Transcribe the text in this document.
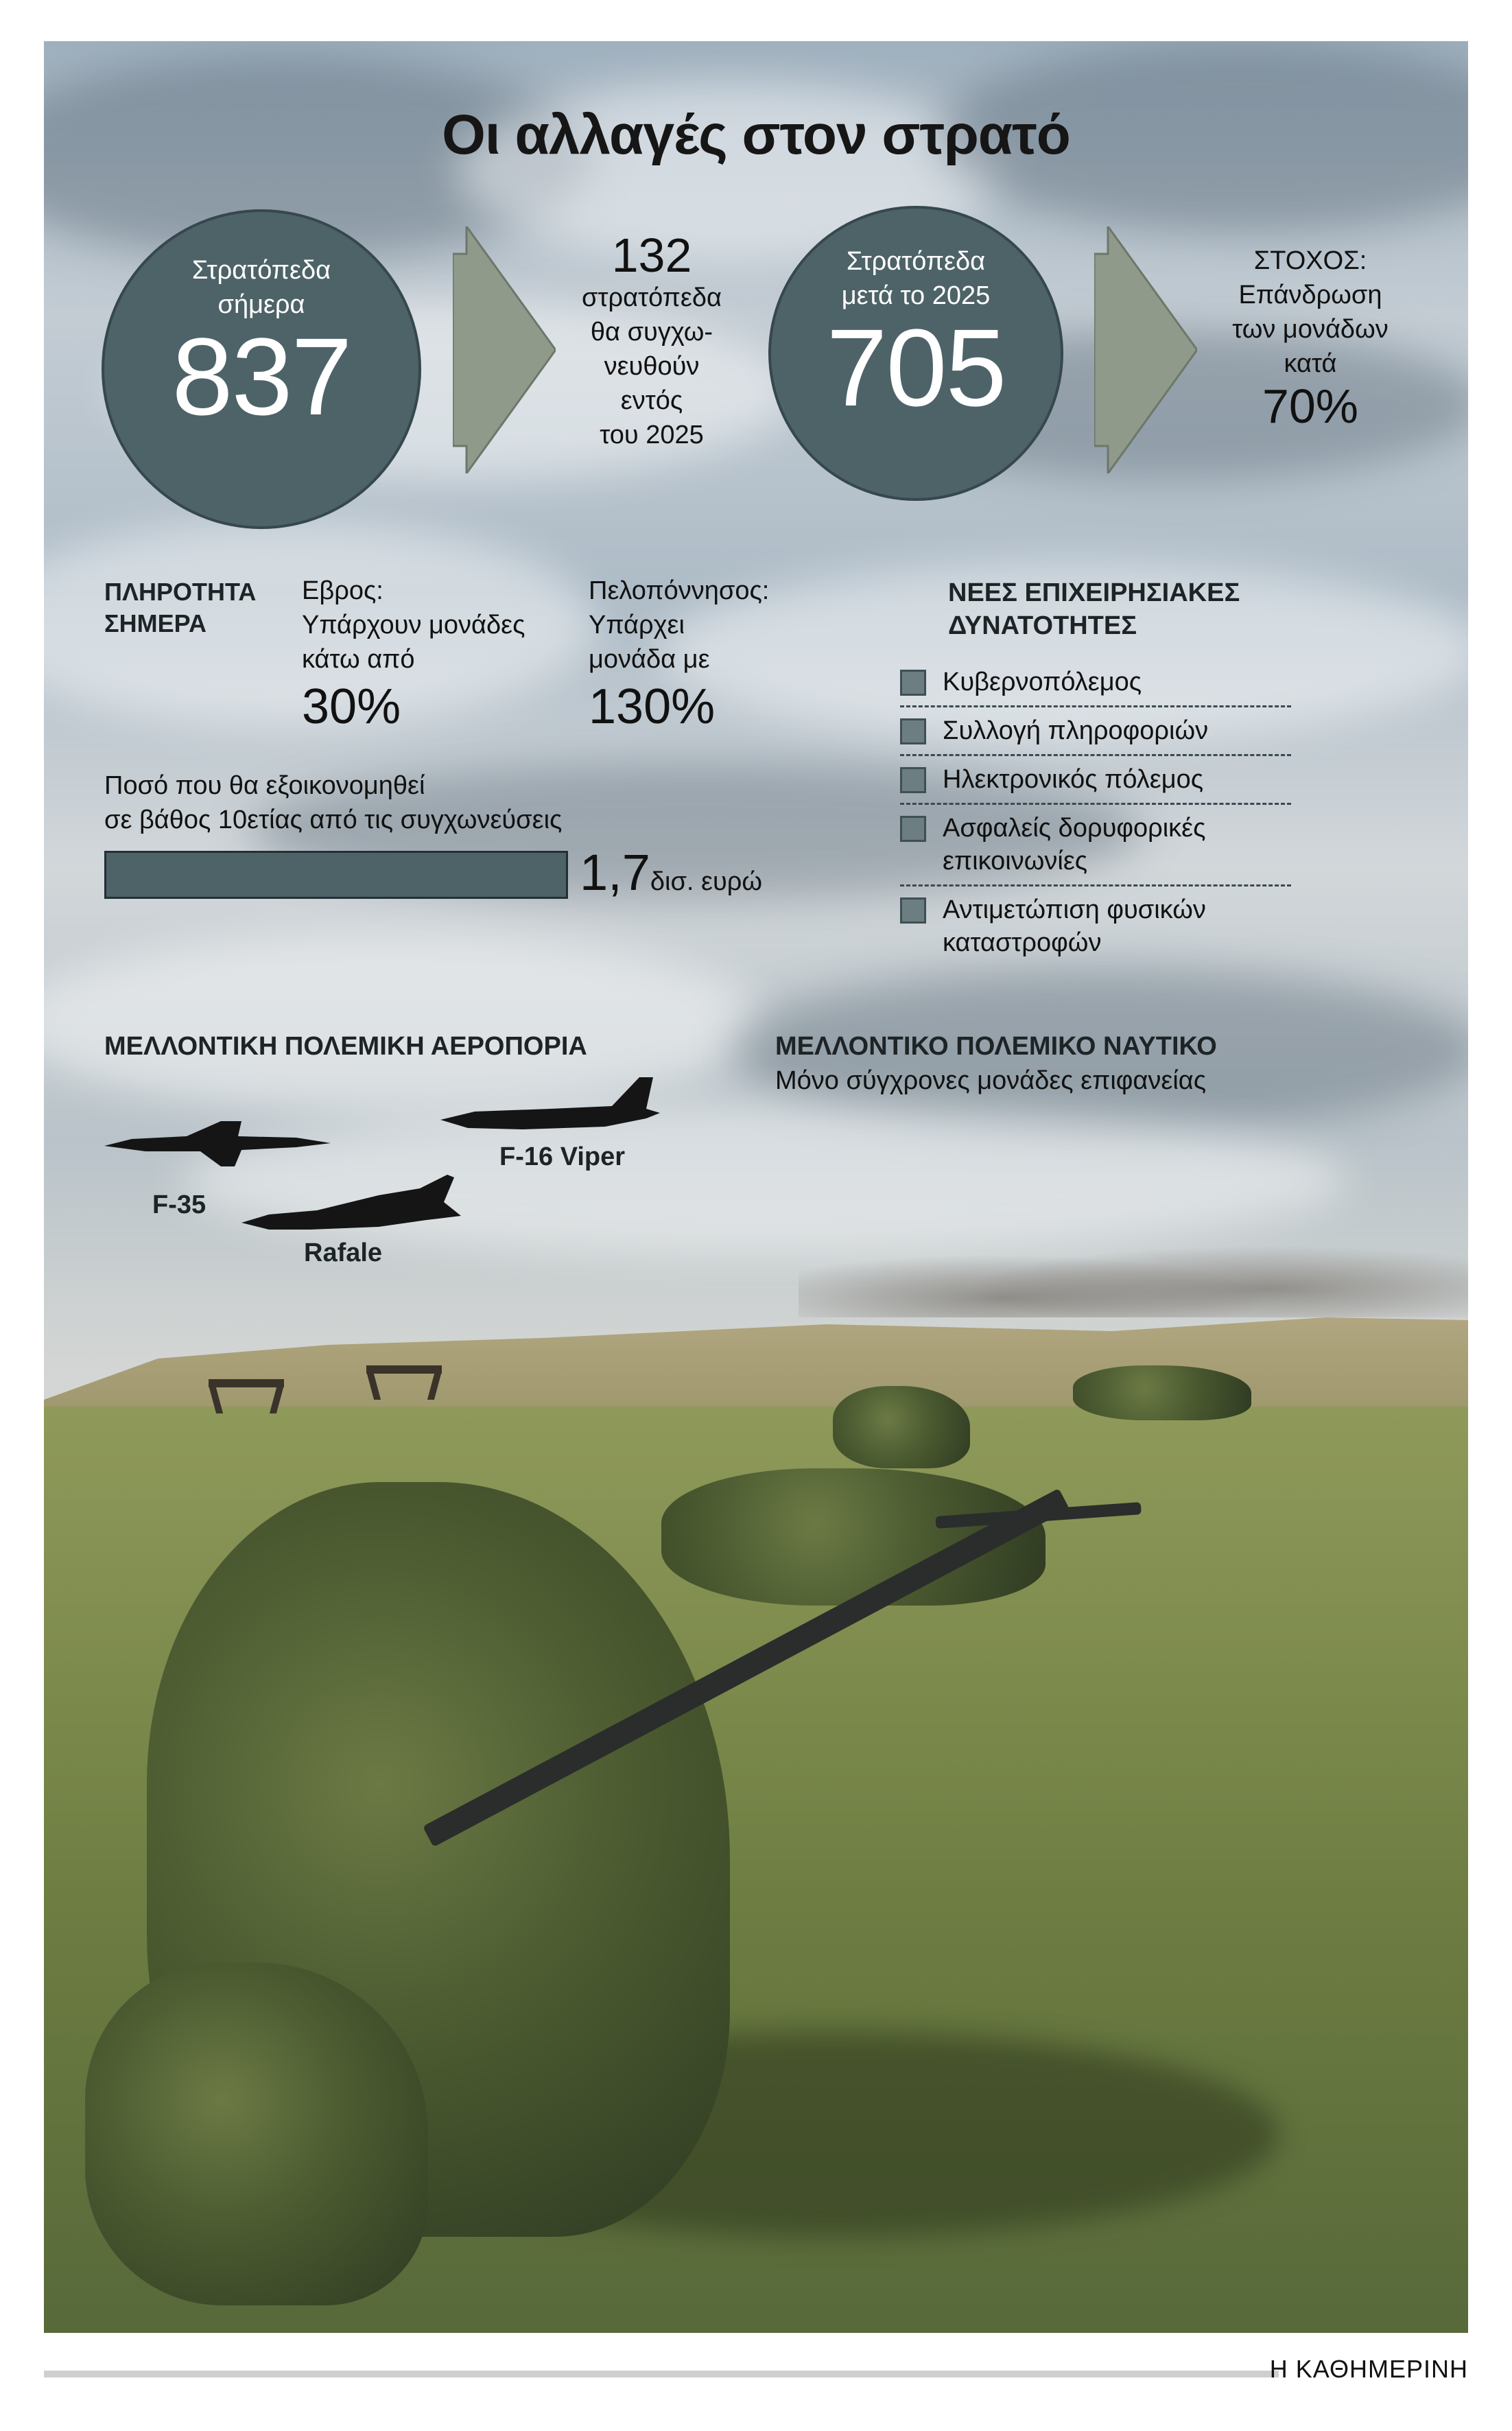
Οι αλλαγές στον στρατό
Στρατόπεδα
σήμερα
837
132
στρατόπεδα
θα συγχω-
νευθούν
εντός
του 2025
Στρατόπεδα
μετά το 2025
705
ΣΤΟΧΟΣ:
Επάνδρωση
των μονάδων
κατά
70%
ΠΛΗΡΟΤΗΤΑ
ΣΗΜΕΡΑ
Εβρος:
Υπάρχουν μονάδες
κάτω από
30%
Πελοπόννησος:
Υπάρχει
μονάδα με
130%
Ποσό που θα εξοικονομηθεί
σε βάθος 10ετίας από τις συγχωνεύσεις
1,7δισ. ευρώ
ΝΕΕΣ ΕΠΙΧΕΙΡΗΣΙΑΚΕΣ
ΔΥΝΑΤΟΤΗΤΕΣ
Κυβερνοπόλεμος
Συλλογή πληροφοριών
Ηλεκτρονικός πόλεμος
Ασφαλείς δορυφορικές
επικοινωνίες
Αντιμετώπιση φυσικών
καταστροφών
ΜΕΛΛΟΝΤΙΚΗ ΠΟΛΕΜΙΚΗ ΑΕΡΟΠΟΡΙΑ
F-35
F-16 Viper
Rafale
ΜΕΛΛΟΝΤΙΚΟ ΠΟΛΕΜΙΚΟ ΝΑΥΤΙΚΟ
Μόνο σύγχρονες μονάδες επιφανείας
Η ΚΑΘΗΜΕΡΙΝΗ
